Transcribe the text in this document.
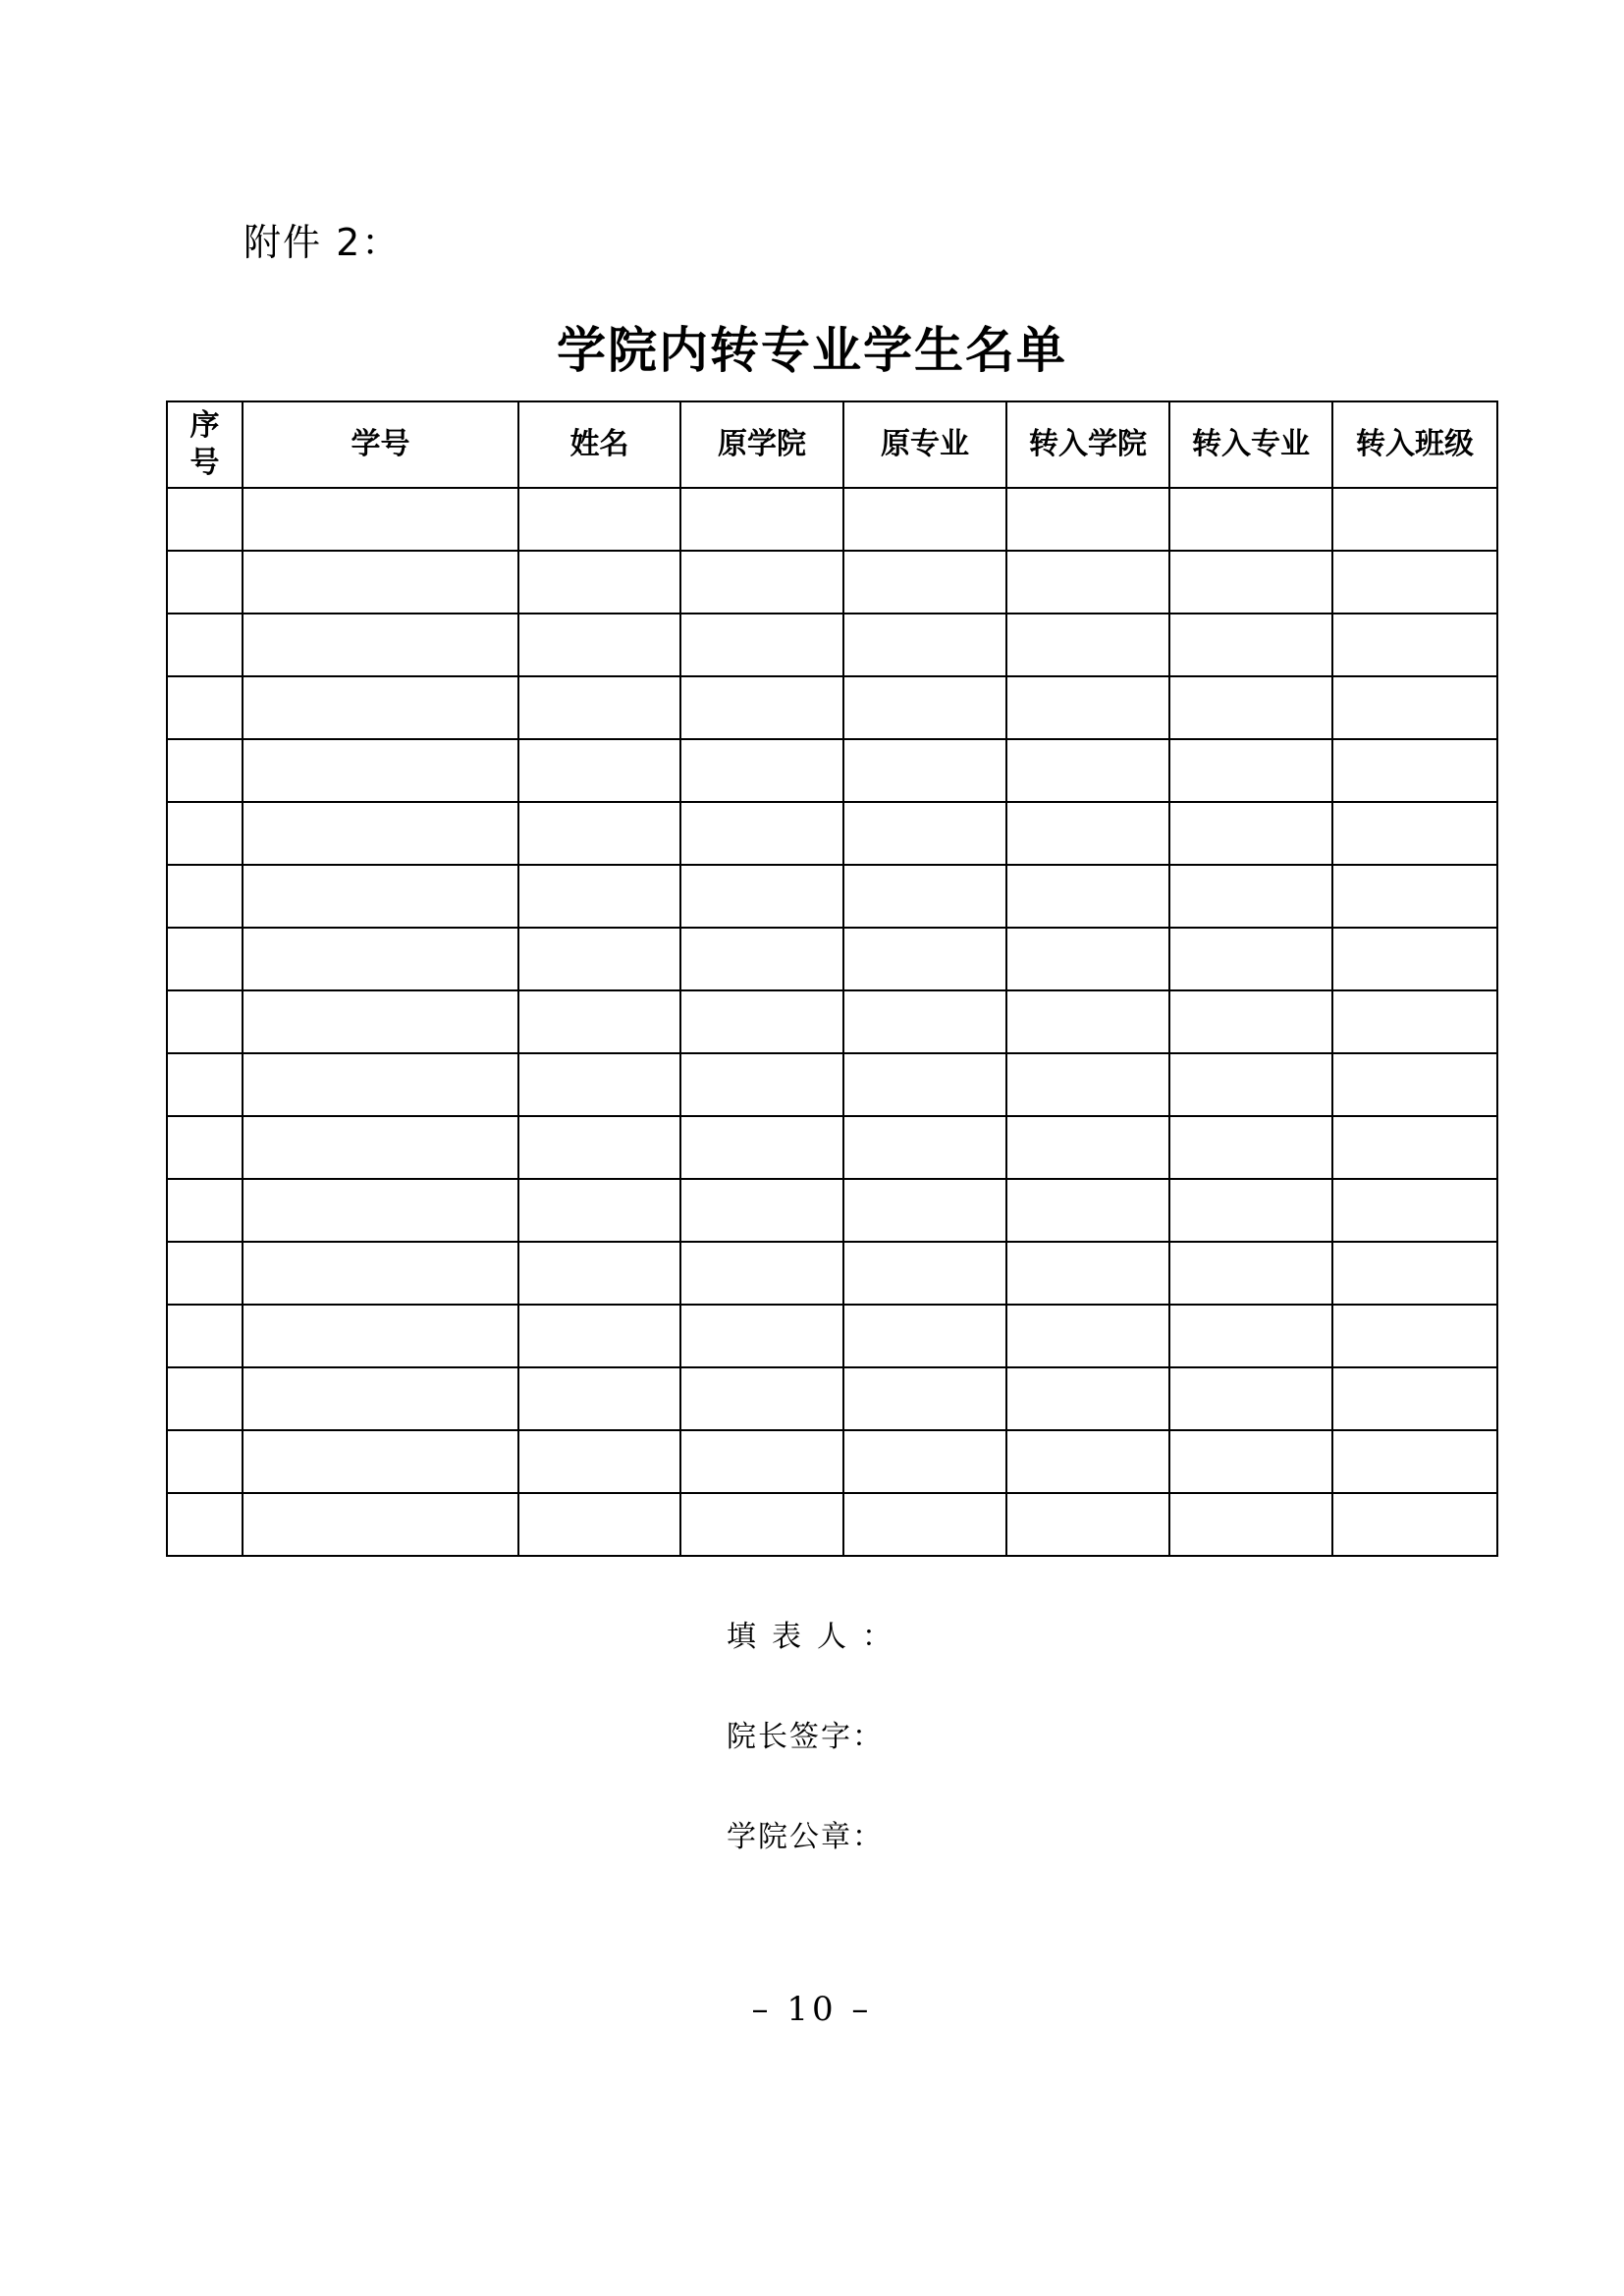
附件 2：
学院内转专业学生名单
序号	学号	姓名	原学院	原专业	转入学院	转入专业	转入班级

填表人：
院长签字：
学院公章：
– 10 –
